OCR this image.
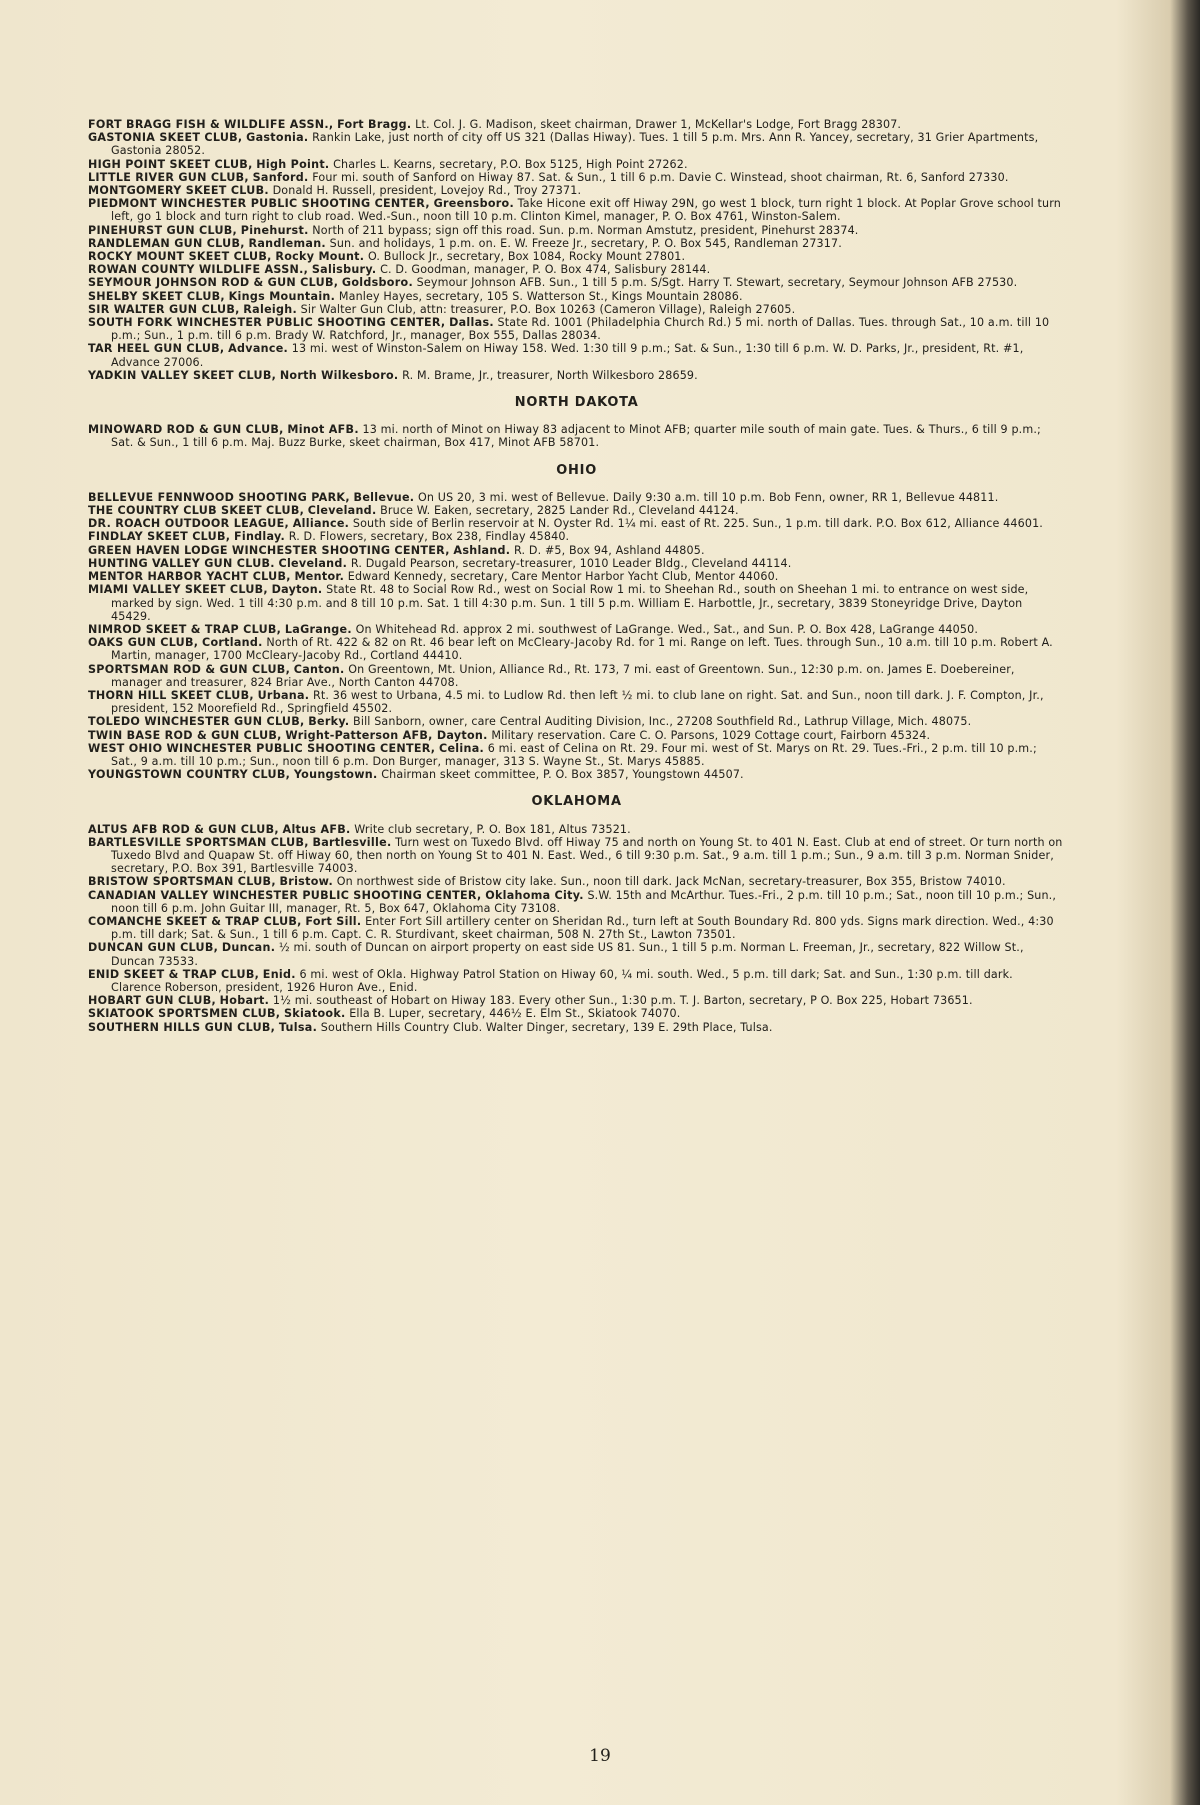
FORT BRAGG FISH & WILDLIFE ASSN., Fort Bragg. Lt. Col. J. G. Madison, skeet chairman, Drawer 1, McKellar's Lodge, Fort Bragg 28307.

GASTONIA SKEET CLUB, Gastonia. Rankin Lake, just north of city off US 321 (Dallas Hiway). Tues. 1 till 5 p.m. Mrs. Ann R. Yancey, secretary, 31 Grier Apartments, Gastonia 28052.

HIGH POINT SKEET CLUB, High Point. Charles L. Kearns, secretary, P.O. Box 5125, High Point 27262.

LITTLE RIVER GUN CLUB, Sanford. Four mi. south of Sanford on Hiway 87. Sat. & Sun., 1 till 6 p.m. Davie C. Winstead, shoot chairman, Rt. 6, Sanford 27330.

MONTGOMERY SKEET CLUB. Donald H. Russell, president, Lovejoy Rd., Troy 27371.

PIEDMONT WINCHESTER PUBLIC SHOOTING CENTER, Greensboro. Take Hicone exit off Hiway 29N, go west 1 block, turn right 1 block. At Poplar Grove school turn left, go 1 block and turn right to club road. Wed.-Sun., noon till 10 p.m. Clinton Kimel, manager, P. O. Box 4761, Winston-Salem.

PINEHURST GUN CLUB, Pinehurst. North of 211 bypass; sign off this road. Sun. p.m. Norman Amstutz, president, Pinehurst 28374.

RANDLEMAN GUN CLUB, Randleman. Sun. and holidays, 1 p.m. on. E. W. Freeze Jr., secretary, P. O. Box 545, Randleman 27317.

ROCKY MOUNT SKEET CLUB, Rocky Mount. O. Bullock Jr., secretary, Box 1084, Rocky Mount 27801.

ROWAN COUNTY WILDLIFE ASSN., Salisbury. C. D. Goodman, manager, P. O. Box 474, Salisbury 28144.

SEYMOUR JOHNSON ROD & GUN CLUB, Goldsboro. Seymour Johnson AFB. Sun., 1 till 5 p.m. S/Sgt. Harry T. Stewart, secretary, Seymour Johnson AFB 27530.

SHELBY SKEET CLUB, Kings Mountain. Manley Hayes, secretary, 105 S. Watterson St., Kings Mountain 28086.

SIR WALTER GUN CLUB, Raleigh. Sir Walter Gun Club, attn: treasurer, P.O. Box 10263 (Cameron Village), Raleigh 27605.

SOUTH FORK WINCHESTER PUBLIC SHOOTING CENTER, Dallas. State Rd. 1001 (Philadelphia Church Rd.) 5 mi. north of Dallas. Tues. through Sat., 10 a.m. till 10 p.m.; Sun., 1 p.m. till 6 p.m. Brady W. Ratchford, Jr., manager, Box 555, Dallas 28034.

TAR HEEL GUN CLUB, Advance. 13 mi. west of Winston-Salem on Hiway 158. Wed. 1:30 till 9 p.m.; Sat. & Sun., 1:30 till 6 p.m. W. D. Parks, Jr., president, Rt. #1, Advance 27006.

YADKIN VALLEY SKEET CLUB, North Wilkesboro. R. M. Brame, Jr., treasurer, North Wilkesboro 28659.

NORTH DAKOTA

MINOWARD ROD & GUN CLUB, Minot AFB. 13 mi. north of Minot on Hiway 83 adjacent to Minot AFB; quarter mile south of main gate. Tues. & Thurs., 6 till 9 p.m.; Sat. & Sun., 1 till 6 p.m. Maj. Buzz Burke, skeet chairman, Box 417, Minot AFB 58701.

OHIO

BELLEVUE FENNWOOD SHOOTING PARK, Bellevue. On US 20, 3 mi. west of Bellevue. Daily 9:30 a.m. till 10 p.m. Bob Fenn, owner, RR 1, Bellevue 44811.

THE COUNTRY CLUB SKEET CLUB, Cleveland. Bruce W. Eaken, secretary, 2825 Lander Rd., Cleveland 44124.

DR. ROACH OUTDOOR LEAGUE, Alliance. South side of Berlin reservoir at N. Oyster Rd. 1¼ mi. east of Rt. 225. Sun., 1 p.m. till dark. P.O. Box 612, Alliance 44601.

FINDLAY SKEET CLUB, Findlay. R. D. Flowers, secretary, Box 238, Findlay 45840.

GREEN HAVEN LODGE WINCHESTER SHOOTING CENTER, Ashland. R. D. #5, Box 94, Ashland 44805.

HUNTING VALLEY GUN CLUB. Cleveland. R. Dugald Pearson, secretary-treasurer, 1010 Leader Bldg., Cleveland 44114.

MENTOR HARBOR YACHT CLUB, Mentor. Edward Kennedy, secretary, Care Mentor Harbor Yacht Club, Mentor 44060.

MIAMI VALLEY SKEET CLUB, Dayton. State Rt. 48 to Social Row Rd., west on Social Row 1 mi. to Sheehan Rd., south on Sheehan 1 mi. to entrance on west side, marked by sign. Wed. 1 till 4:30 p.m. and 8 till 10 p.m. Sat. 1 till 4:30 p.m. Sun. 1 till 5 p.m. William E. Harbottle, Jr., secretary, 3839 Stoneyridge Drive, Dayton 45429.

NIMROD SKEET & TRAP CLUB, LaGrange. On Whitehead Rd. approx 2 mi. southwest of LaGrange. Wed., Sat., and Sun. P. O. Box 428, LaGrange 44050.

OAKS GUN CLUB, Cortland. North of Rt. 422 & 82 on Rt. 46 bear left on McCleary-Jacoby Rd. for 1 mi. Range on left. Tues. through Sun., 10 a.m. till 10 p.m. Robert A. Martin, manager, 1700 McCleary-Jacoby Rd., Cortland 44410.

SPORTSMAN ROD & GUN CLUB, Canton. On Greentown, Mt. Union, Alliance Rd., Rt. 173, 7 mi. east of Greentown. Sun., 12:30 p.m. on. James E. Doebereiner, manager and treasurer, 824 Briar Ave., North Canton 44708.

THORN HILL SKEET CLUB, Urbana. Rt. 36 west to Urbana, 4.5 mi. to Ludlow Rd. then left ½ mi. to club lane on right. Sat. and Sun., noon till dark. J. F. Compton, Jr., president, 152 Moorefield Rd., Springfield 45502.

TOLEDO WINCHESTER GUN CLUB, Berky. Bill Sanborn, owner, care Central Auditing Division, Inc., 27208 Southfield Rd., Lathrup Village, Mich. 48075.

TWIN BASE ROD & GUN CLUB, Wright-Patterson AFB, Dayton. Military reservation. Care C. O. Parsons, 1029 Cottage court, Fairborn 45324.

WEST OHIO WINCHESTER PUBLIC SHOOTING CENTER, Celina. 6 mi. east of Celina on Rt. 29. Four mi. west of St. Marys on Rt. 29. Tues.-Fri., 2 p.m. till 10 p.m.; Sat., 9 a.m. till 10 p.m.; Sun., noon till 6 p.m. Don Burger, manager, 313 S. Wayne St., St. Marys 45885.

YOUNGSTOWN COUNTRY CLUB, Youngstown. Chairman skeet committee, P. O. Box 3857, Youngstown 44507.

OKLAHOMA

ALTUS AFB ROD & GUN CLUB, Altus AFB. Write club secretary, P. O. Box 181, Altus 73521.

BARTLESVILLE SPORTSMAN CLUB, Bartlesville. Turn west on Tuxedo Blvd. off Hiway 75 and north on Young St. to 401 N. East. Club at end of street. Or turn north on Tuxedo Blvd and Quapaw St. off Hiway 60, then north on Young St to 401 N. East. Wed., 6 till 9:30 p.m. Sat., 9 a.m. till 1 p.m.; Sun., 9 a.m. till 3 p.m. Norman Snider, secretary, P.O. Box 391, Bartlesville 74003.

BRISTOW SPORTSMAN CLUB, Bristow. On northwest side of Bristow city lake. Sun., noon till dark. Jack McNan, secretary-treasurer, Box 355, Bristow 74010.

CANADIAN VALLEY WINCHESTER PUBLIC SHOOTING CENTER, Oklahoma City. S.W. 15th and McArthur. Tues.-Fri., 2 p.m. till 10 p.m.; Sat., noon till 10 p.m.; Sun., noon till 6 p.m. John Guitar III, manager, Rt. 5, Box 647, Oklahoma City 73108.

COMANCHE SKEET & TRAP CLUB, Fort Sill. Enter Fort Sill artillery center on Sheridan Rd., turn left at South Boundary Rd. 800 yds. Signs mark direction. Wed., 4:30 p.m. till dark; Sat. & Sun., 1 till 6 p.m. Capt. C. R. Sturdivant, skeet chairman, 508 N. 27th St., Lawton 73501.

DUNCAN GUN CLUB, Duncan. ½ mi. south of Duncan on airport property on east side US 81. Sun., 1 till 5 p.m. Norman L. Freeman, Jr., secretary, 822 Willow St., Duncan 73533.

ENID SKEET & TRAP CLUB, Enid. 6 mi. west of Okla. Highway Patrol Station on Hiway 60, ¼ mi. south. Wed., 5 p.m. till dark; Sat. and Sun., 1:30 p.m. till dark. Clarence Roberson, president, 1926 Huron Ave., Enid.

HOBART GUN CLUB, Hobart. 1½ mi. southeast of Hobart on Hiway 183. Every other Sun., 1:30 p.m. T. J. Barton, secretary, P O. Box 225, Hobart 73651.

SKIATOOK SPORTSMEN CLUB, Skiatook. Ella B. Luper, secretary, 446½ E. Elm St., Skiatook 74070.

SOUTHERN HILLS GUN CLUB, Tulsa. Southern Hills Country Club. Walter Dinger, secretary, 139 E. 29th Place, Tulsa.

19
